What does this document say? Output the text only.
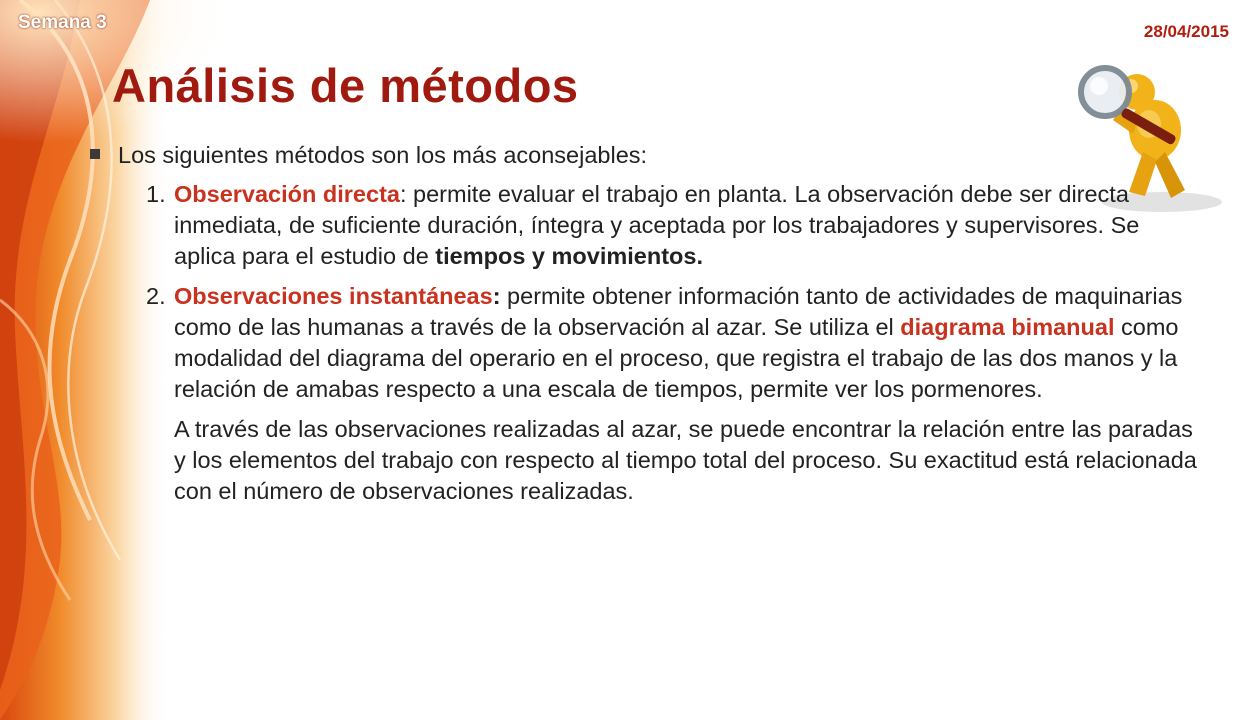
Semana 3	28/04/2015
Análisis de métodos
Los siguientes métodos son los más aconsejables:
1. Observación directa: permite evaluar el trabajo en planta. La observación debe ser directa inmediata, de suficiente duración, íntegra y aceptada por los trabajadores y supervisores. Se aplica para el estudio de tiempos y movimientos.
2. Observaciones instantáneas: permite obtener información tanto de actividades de maquinarias como de las humanas a través de la observación al azar. Se utiliza el diagrama bimanual como modalidad del diagrama del operario en el proceso, que registra el trabajo de las dos manos y la relación de amabas respecto a una escala de tiempos, permite ver los pormenores.
A través de las observaciones realizadas al azar, se puede encontrar la relación entre las paradas y los elementos del trabajo con respecto al tiempo total del proceso. Su exactitud está relacionada con el número de observaciones realizadas.
